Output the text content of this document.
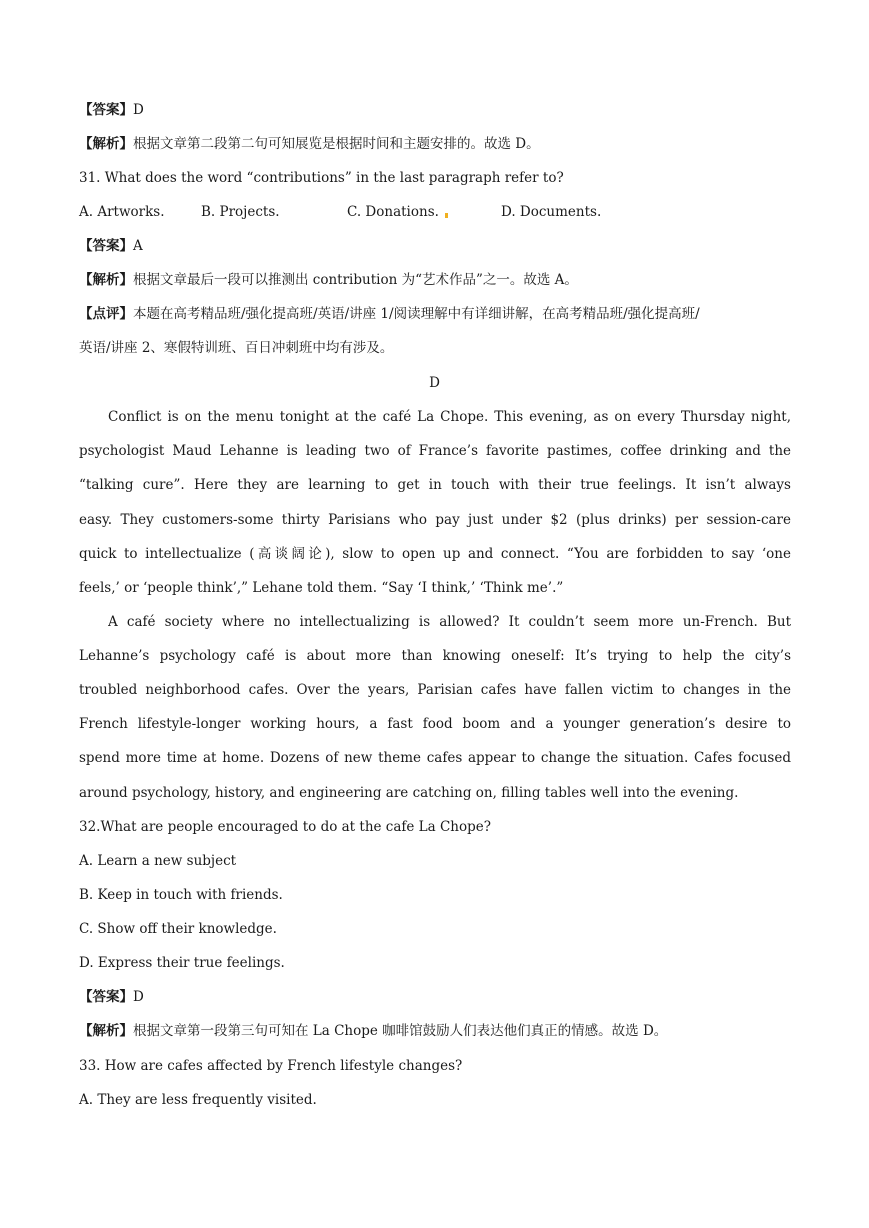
【答案】D
【解析】根据文章第二段第二句可知展览是根据时间和主题安排的。故选 D。
31. What does the word “contributions” in the last paragraph refer to?
A. Artworks.	B. Projects.	C. Donations.	D. Documents.
【答案】A
【解析】根据文章最后一段可以推测出 contribution 为“艺术作品”之一。故选 A。
【点评】本题在高考精品班/强化提高班/英语/讲座 1/阅读理解中有详细讲解，在高考精品班/强化提高班/
英语/讲座 2、寒假特训班、百日冲刺班中均有涉及。
D
Conflict is on the menu tonight at the café La Chope. This evening, as on every Thursday night,
psychologist Maud Lehanne is leading two of France’s favorite pastimes, coffee drinking and the
“talking cure”. Here they are learning to get in touch with their true feelings. It isn’t always
easy. They customers-some thirty Parisians who pay just under $2 (plus drinks) per session-care
quick to intellectualize (高谈阔论), slow to open up and connect. “You are forbidden to say ‘one
feels,’ or ‘people think’,” Lehane told them. “Say ‘I think,’ ‘Think me’.”
A café society where no intellectualizing is allowed? It couldn’t seem more un-French. But
Lehanne’s psychology café is about more than knowing oneself: It’s trying to help the city’s
troubled neighborhood cafes. Over the years, Parisian cafes have fallen victim to changes in the
French lifestyle-longer working hours, a fast food boom and a younger generation’s desire to
spend more time at home. Dozens of new theme cafes appear to change the situation. Cafes focused
around psychology, history, and engineering are catching on, filling tables well into the evening.
32.What are people encouraged to do at the cafe La Chope?
A. Learn a new subject
B. Keep in touch with friends.
C. Show off their knowledge.
D. Express their true feelings.
【答案】D
【解析】根据文章第一段第三句可知在 La Chope 咖啡馆鼓励人们表达他们真正的情感。故选 D。
33. How are cafes affected by French lifestyle changes?
A. They are less frequently visited.
